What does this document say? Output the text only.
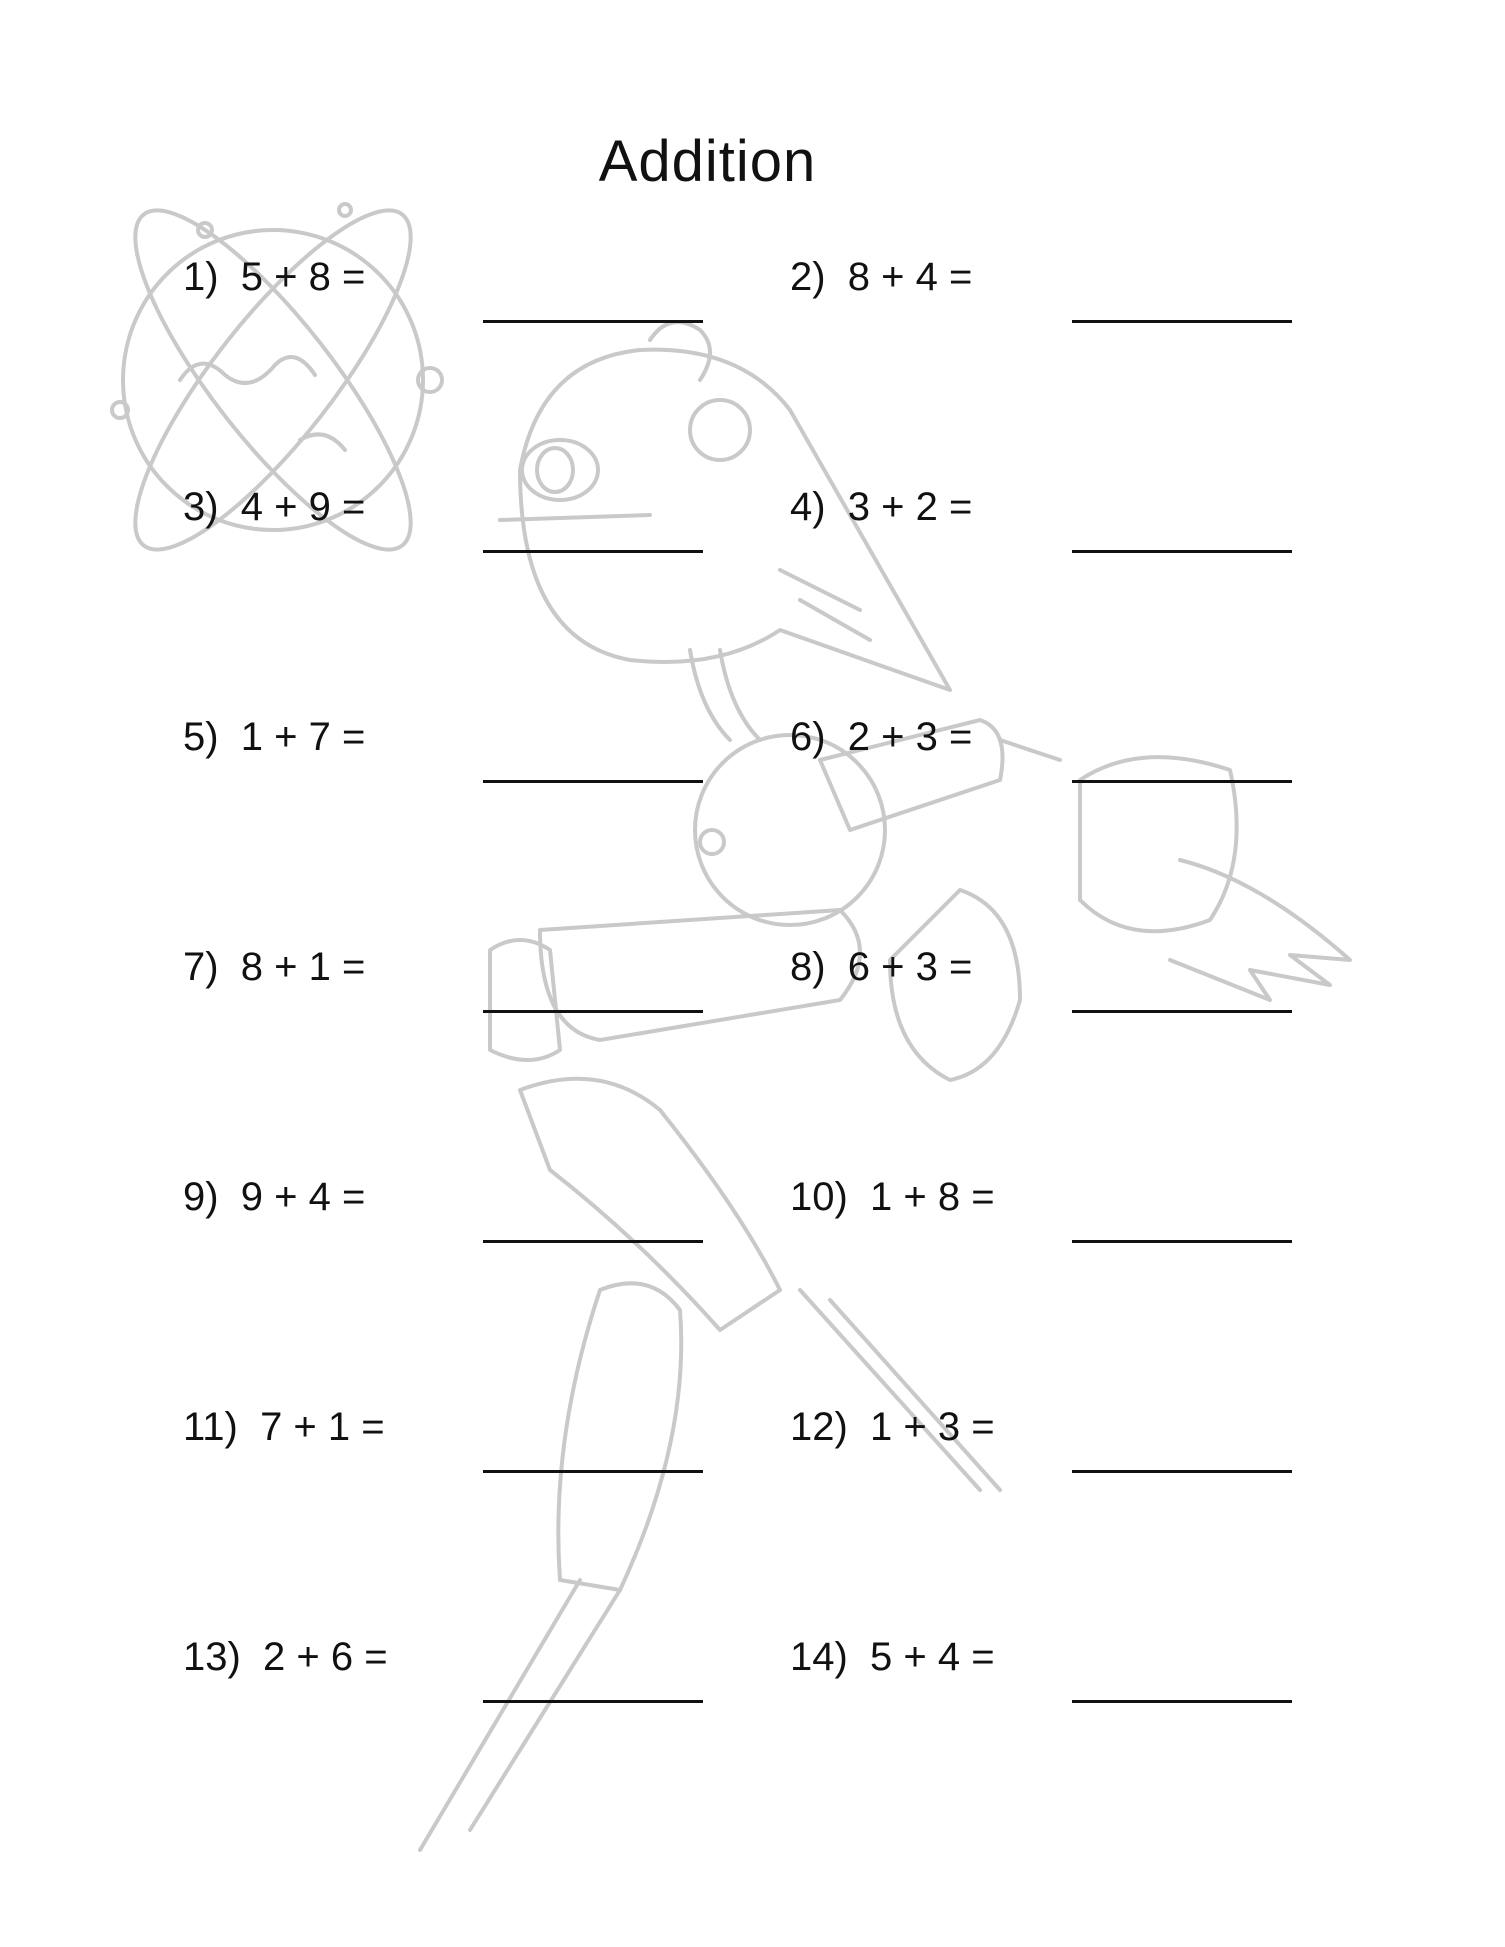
Addition
1)  5 + 8 =	2)  8 + 4 =
3)  4 + 9 =	4)  3 + 2 =
5)  1 + 7 =	6)  2 + 3 =
7)  8 + 1 =	8)  6 + 3 =
9)  9 + 4 =	10)  1 + 8 =
11)  7 + 1 =	12)  1 + 3 =
13)  2 + 6 =	14)  5 + 4 =
